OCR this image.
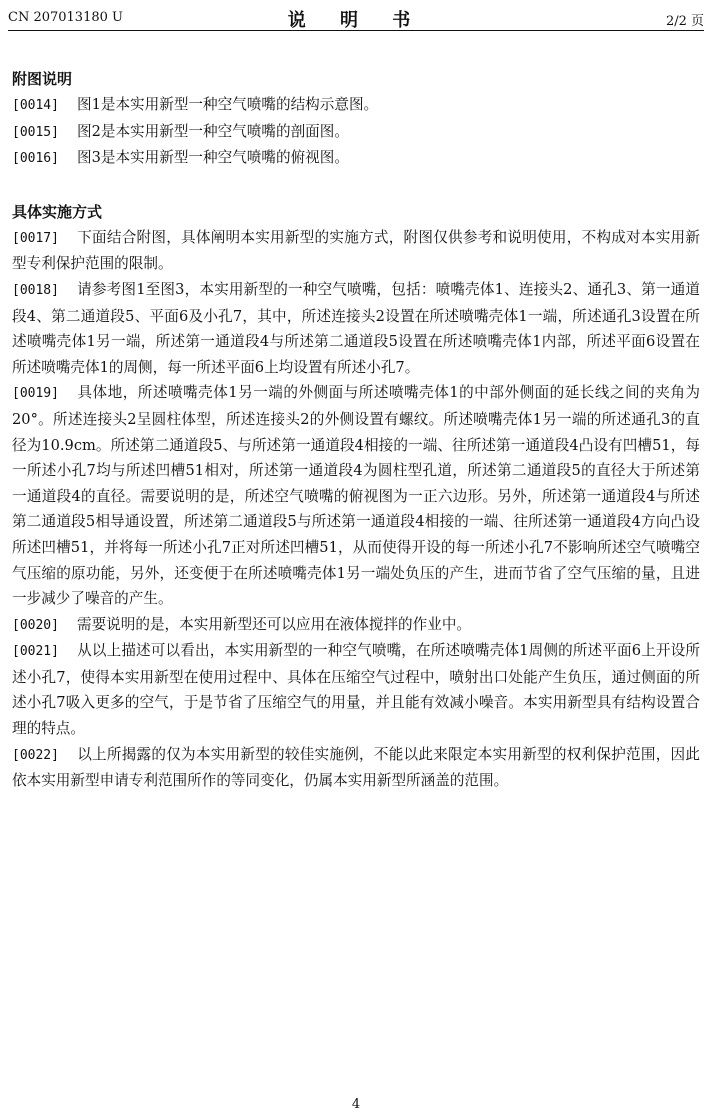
CN 207013180 U	说 明 书	2/2 页

附图说明

[0014] 图1是本实用新型一种空气喷嘴的结构示意图。

[0015] 图2是本实用新型一种空气喷嘴的剖面图。

[0016] 图3是本实用新型一种空气喷嘴的俯视图。

具体实施方式

[0017] 下面结合附图，具体阐明本实用新型的实施方式，附图仅供参考和说明使用，不构成对本实用新型专利保护范围的限制。

[0018] 请参考图1至图3，本实用新型的一种空气喷嘴，包括：喷嘴壳体1、连接头2、通孔3、第一通道段4、第二通道段5、平面6及小孔7，其中，所述连接头2设置在所述喷嘴壳体1一端，所述通孔3设置在所述喷嘴壳体1另一端，所述第一通道段4与所述第二通道段5设置在所述喷嘴壳体1内部，所述平面6设置在所述喷嘴壳体1的周侧，每一所述平面6上均设置有所述小孔7。

[0019] 具体地，所述喷嘴壳体1另一端的外侧面与所述喷嘴壳体1的中部外侧面的延长线之间的夹角为20°。所述连接头2呈圆柱体型，所述连接头2的外侧设置有螺纹。所述喷嘴壳体1另一端的所述通孔3的直径为10.9cm。所述第二通道段5、与所述第一通道段4相接的一端、往所述第一通道段4凸设有凹槽51，每一所述小孔7均与所述凹槽51相对，所述第一通道段4为圆柱型孔道，所述第二通道段5的直径大于所述第一通道段4的直径。需要说明的是，所述空气喷嘴的俯视图为一正六边形。另外，所述第一通道段4与所述第二通道段5相导通设置，所述第二通道段5与所述第一通道段4相接的一端、往所述第一通道段4方向凸设所述凹槽51，并将每一所述小孔7正对所述凹槽51，从而使得开设的每一所述小孔7不影响所述空气喷嘴空气压缩的原功能，另外，还变便于在所述喷嘴壳体1另一端处负压的产生，进而节省了空气压缩的量，且进一步减少了噪音的产生。

[0020] 需要说明的是，本实用新型还可以应用在液体搅拌的作业中。

[0021] 从以上描述可以看出，本实用新型的一种空气喷嘴，在所述喷嘴壳体1周侧的所述平面6上开设所述小孔7，使得本实用新型在使用过程中、具体在压缩空气过程中，喷射出口处能产生负压，通过侧面的所述小孔7吸入更多的空气，于是节省了压缩空气的用量，并且能有效减小噪音。本实用新型具有结构设置合理的特点。

[0022] 以上所揭露的仅为本实用新型的较佳实施例，不能以此来限定本实用新型的权利保护范围，因此依本实用新型申请专利范围所作的等同变化，仍属本实用新型所涵盖的范围。

4
